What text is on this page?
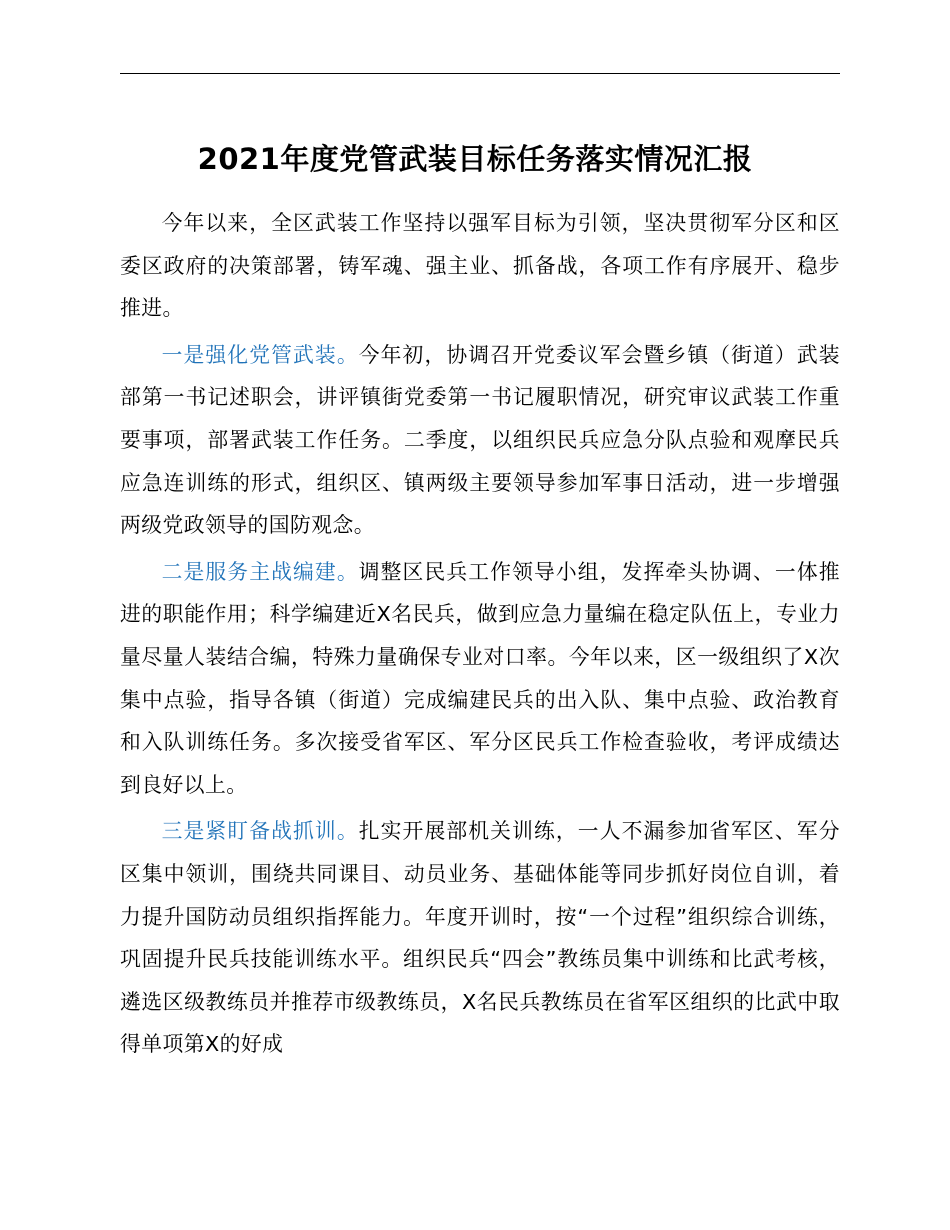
2021年度党管武装目标任务落实情况汇报

今年以来，全区武装工作坚持以强军目标为引领，坚决贯彻军分区和区委区政府的决策部署，铸军魂、强主业、抓备战，各项工作有序展开、稳步推进。

一是强化党管武装。今年初，协调召开党委议军会暨乡镇（街道）武装部第一书记述职会，讲评镇街党委第一书记履职情况，研究审议武装工作重要事项，部署武装工作任务。二季度，以组织民兵应急分队点验和观摩民兵应急连训练的形式，组织区、镇两级主要领导参加军事日活动，进一步增强两级党政领导的国防观念。

二是服务主战编建。调整区民兵工作领导小组，发挥牵头协调、一体推进的职能作用；科学编建近X名民兵，做到应急力量编在稳定队伍上，专业力量尽量人装结合编，特殊力量确保专业对口率。今年以来，区一级组织了X次集中点验，指导各镇（街道）完成编建民兵的出入队、集中点验、政治教育和入队训练任务。多次接受省军区、军分区民兵工作检查验收，考评成绩达到良好以上。

三是紧盯备战抓训。扎实开展部机关训练，一人不漏参加省军区、军分区集中领训，围绕共同课目、动员业务、基础体能等同步抓好岗位自训，着力提升国防动员组织指挥能力。年度开训时，按“一个过程”组织综合训练，巩固提升民兵技能训练水平。组织民兵“四会”教练员集中训练和比武考核，遴选区级教练员并推荐市级教练员，X名民兵教练员在省军区组织的比武中取得单项第X的好成
